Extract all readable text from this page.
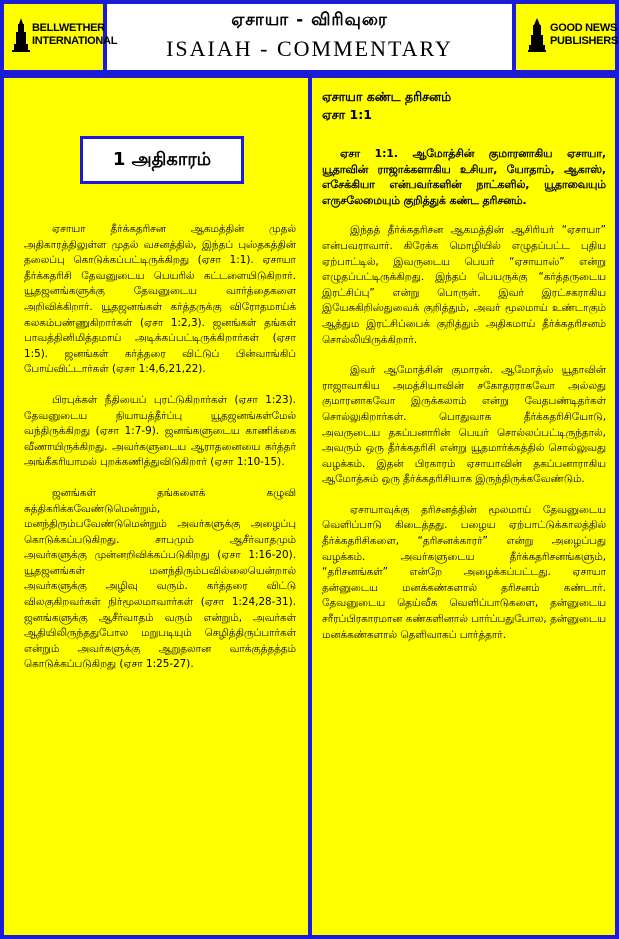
BELLWETHER
INTERNATIONAL
ஏசாயா - விரிவுரை
ISAIAH - COMMENTARY
GOOD NEWS
PUBLISHERS
1 அதிகாரம்

ஏசாயா தீர்க்கதரிசன ஆகமத்தின் முதல் அதிகாரத்திலுள்ள முதல் வசனத்தில், இந்தப் புஸ்தகத்தின் தலைப்பு கொடுக்கப்பட்டிருக்கிறது (ஏசா 1:1). ஏசாயா தீர்க்கதரிசி தேவனுடைய பெயரில் கட்டளையிடுகிறார். யூதஜனங்களுக்கு தேவனுடைய வார்த்தைகளை அறிவிக்கிறார். யூதஜனங்கள் கர்த்தருக்கு விரோதமாய்க் கலகம்பண்ணுகிறார்கள் (ஏசா 1:2,3). ஜனங்கள் தங்கள் பாவத்தினிமித்தமாய் அடிக்கப்பட்டிருக்கிறார்கள் (ஏசா 1:5). ஜனங்கள் கர்த்தரை விட்டுப் பின்வாங்கிப் போய்விட்டார்கள் (ஏசா 1:4,6,21,22).

பிரபுக்கள் நீதியைப் புரட்டுகிறார்கள் (ஏசா 1:23). தேவனுடைய நியாயத்தீர்ப்பு யூதஜனங்கள்மேல் வந்திருக்கிறது (ஏசா 1:7-9). ஜனங்களுடைய காணிக்கை வீணாயிருக்கிறது. அவர்களுடைய ஆராதனையை கர்த்தர் அங்கீகரியாமல் புறக்கணித்துவிடுகிறார் (ஏசா 1:10-15).

ஜனங்கள் தங்களைக் கழுவி சுத்திகரிக்கவேண்டுமென்றும், மனந்திரும்பவேண்டுமென்றும் அவர்களுக்கு அழைப்பு கொடுக்கப்படுகிறது. சாபமும் ஆசீர்வாதமும் அவர்களுக்கு முன்னறிவிக்கப்படுகிறது (ஏசா 1:16-20). யூதஜனங்கள் மனந்திரும்பவில்லையென்றால் அவர்களுக்கு அழிவு வரும். கர்த்தரை விட்டு விலகுகிறவர்கள் நிர்மூலமாவார்கள் (ஏசா 1:24,28-31). ஜனங்களுக்கு ஆசீர்வாதம் வரும் என்றும், அவர்கள் ஆதியிலிருந்ததுபோல மறுபடியும் செழித்திருப்பார்கள் என்றும் அவர்களுக்கு ஆறுதலான வாக்குத்தத்தம் கொடுக்கப்படுகிறது (ஏசா 1:25-27).

ஏசாயா கண்ட தரிசனம்
ஏசா 1:1

ஏசா 1:1. ஆமோத்சின் குமாரனாகிய ஏசாயா, யூதாவின் ராஜாக்களாகிய உசியா, யோதாம், ஆகாஸ், எசேக்கியா என்பவர்களின் நாட்களில், யூதாவையும் எருசலேமையும் குறித்துக் கண்ட தரிசனம்.

இந்தத் தீர்க்கதரிசன ஆகமத்தின் ஆசிரியர் “ஏசாயா” என்பவராவார். கிரேக்க மொழியில் எழுதப்பட்ட புதிய ஏற்பாட்டில், இவருடைய பெயர் “ஏசாயாஸ்” என்று எழுதப்பட்டிருக்கிறது. இந்தப் பெயருக்கு “கர்த்தருடைய இரட்சிப்பு” என்று பொருள். இவர் இரட்சகராகிய இயேசுகிறிஸ்துவைக் குறித்தும், அவர் மூலமாய் உண்டாகும் ஆத்தும இரட்சிப்பைக் குறித்தும் அதிகமாய் தீர்க்கதரிசனம் சொல்லியிருக்கிறார்.

இவர் ஆமோத்சின் குமாரன். ஆமோத்ஸ் யூதாவின் ராஜாவாகிய அமத்சியாவின் சகோதரராகவோ அல்லது குமாரனாகவோ இருக்கலாம் என்று வேதபண்டிதர்கள் சொல்லுகிறார்கள். பொதுவாக தீர்க்கதரிசியோடு, அவருடைய தகப்பனாரின் பெயர் சொல்லப்பட்டிருந்தால், அவரும் ஒரு தீர்க்கதரிசி என்று யூதமார்க்கத்தில் சொல்லுவது வழக்கம். இதன் பிரகாரம் ஏசாயாவின் தகப்பனாராகிய ஆமோத்சும் ஒரு தீர்க்கதரிசியாக இருந்திருக்கவேண்டும்.

ஏசாயாவுக்கு தரிசனத்தின் மூலமாய் தேவனுடைய வெளிப்பாடு கிடைத்தது. பழைய ஏற்பாட்டுக்காலத்தில் தீர்க்கதரிசிகளை, “தரிசனக்காரர்” என்று அழைப்பது வழக்கம். அவர்களுடைய தீர்க்கதரிசனங்களும், “தரிசனங்கள்” என்றே அழைக்கப்பட்டது. ஏசாயா தன்னுடைய மனக்கண்களால் தரிசனம் கண்டார். தேவனுடைய தெய்வீக வெளிப்பாடுகளை, தன்னுடைய சரீரப்பிரகாரமான கண்களினால் பார்ப்பதுபோல, தன்னுடைய மனக்கண்களால் தெளிவாகப் பார்த்தார்.
